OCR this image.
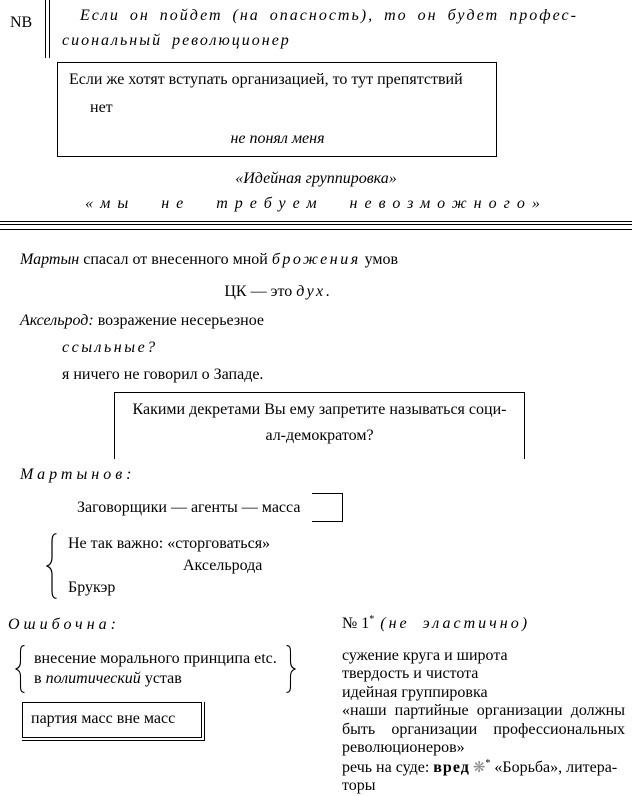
NB	Если он пойдет (на опасность), то он будет профес-
сиональный революционер
Если же хотят вступать организацией, то тут препятствий
нет
не понял меня
«Идейная группировка»
«мы не требуем невозможного»
Мартын спасал от внесенного мной брожения умов
ЦК — это дух.
Аксельрод: возражение несерьезное
ссыльные?
я ничего не говорил о Западе.
Какими декретами Вы ему запретите называться соци-
ал-демократом?
Мартынов:
Заговорщики — агенты — масса
Не так важно: «сторговаться»
Аксельрода
Брукэр
Ошибочна:
внесение морального принципа etc.
в политический устав
партия масс вне масс
№ 1* (не эластично)
сужение круга и широта
твердость и чистота
идейная группировка
«наши партийные организации должны
быть организации профессиональных
революционеров»
речь на суде: вред ❋* «Борьба», литера-
торы
